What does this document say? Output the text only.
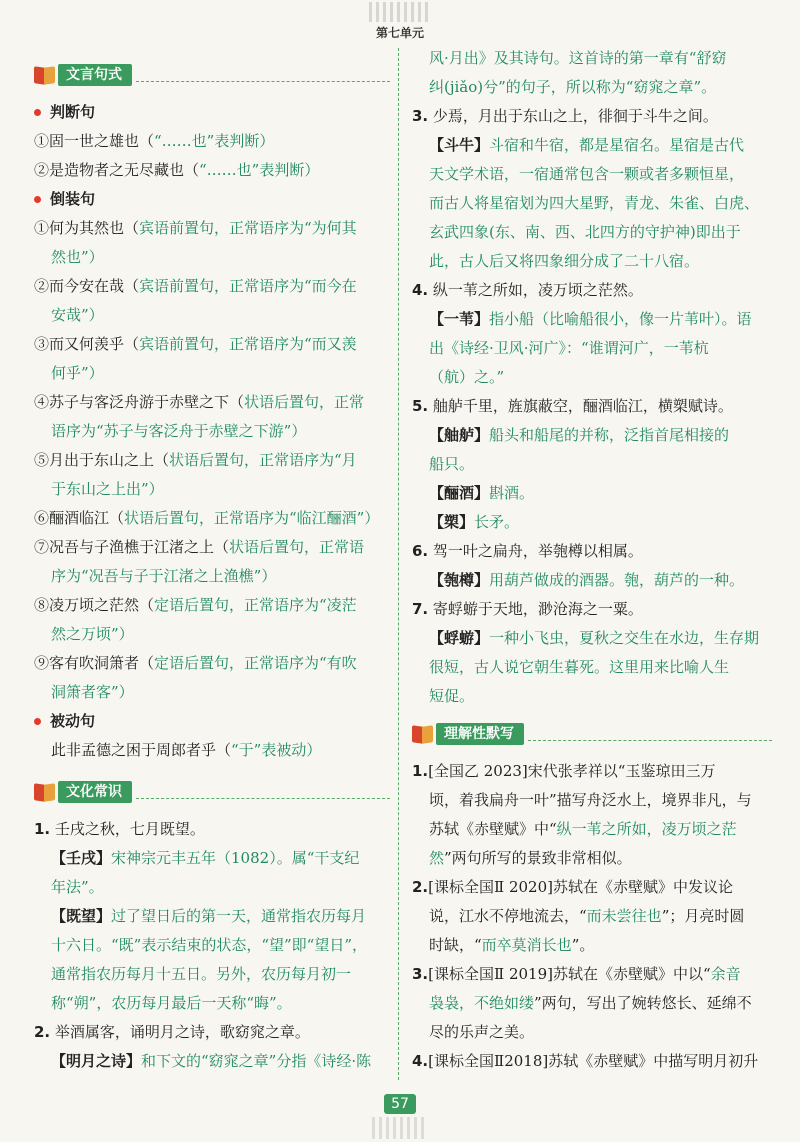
第七单元
文言句式
判断句
①固一世之雄也（“……也”表判断）
②是造物者之无尽藏也（“……也”表判断）
倒装句
①何为其然也（宾语前置句，正常语序为“为何其
然也”）
②而今安在哉（宾语前置句，正常语序为“而今在
安哉”）
③而又何羡乎（宾语前置句，正常语序为“而又羡
何乎”）
④苏子与客泛舟游于赤壁之下（状语后置句，正常
语序为“苏子与客泛舟于赤壁之下游”）
⑤月出于东山之上（状语后置句，正常语序为“月
于东山之上出”）
⑥酾酒临江（状语后置句，正常语序为“临江酾酒”）
⑦况吾与子渔樵于江渚之上（状语后置句，正常语
序为“况吾与子于江渚之上渔樵”）
⑧凌万顷之茫然（定语后置句，正常语序为“凌茫
然之万顷”）
⑨客有吹洞箫者（定语后置句，正常语序为“有吹
洞箫者客”）
被动句
此非孟德之困于周郎者乎（“于”表被动）
文化常识
1. 壬戌之秋，七月既望。
【壬戌】宋神宗元丰五年（1082）。属“干支纪
年法”。
【既望】过了望日后的第一天，通常指农历每月
十六日。“既”表示结束的状态，“望”即“望日”，
通常指农历每月十五日。另外，农历每月初一
称“朔”，农历每月最后一天称“晦”。
2. 举酒属客，诵明月之诗，歌窈窕之章。
【明月之诗】和下文的“窈窕之章”分指《诗经·陈
风·月出》及其诗句。这首诗的第一章有“舒窈
纠(jiǎo)兮”的句子，所以称为“窈窕之章”。
3. 少焉，月出于东山之上，徘徊于斗牛之间。
【斗牛】斗宿和牛宿，都是星宿名。星宿是古代
天文学术语，一宿通常包含一颗或者多颗恒星，
而古人将星宿划为四大星野，青龙、朱雀、白虎、
玄武四象(东、南、西、北四方的守护神)即出于
此，古人后又将四象细分成了二十八宿。
4. 纵一苇之所如，凌万顷之茫然。
【一苇】指小船（比喻船很小，像一片苇叶）。语
出《诗经·卫风·河广》：“谁谓河广，一苇杭
（航）之。”
5. 舳舻千里，旌旗蔽空，酾酒临江，横槊赋诗。
【舳舻】船头和船尾的并称，泛指首尾相接的
船只。
【酾酒】斟酒。
【槊】长矛。
6. 驾一叶之扁舟，举匏樽以相属。
【匏樽】用葫芦做成的酒器。匏，葫芦的一种。
7. 寄蜉蝣于天地，渺沧海之一粟。
【蜉蝣】一种小飞虫，夏秋之交生在水边，生存期
很短，古人说它朝生暮死。这里用来比喻人生
短促。
理解性默写
1.[全国乙 2023]宋代张孝祥以“玉鉴琼田三万
顷，着我扁舟一叶”描写舟泛水上，境界非凡，与
苏轼《赤壁赋》中“纵一苇之所如，凌万顷之茫
然”两句所写的景致非常相似。
2.[课标全国Ⅱ 2020]苏轼在《赤壁赋》中发议论
说，江水不停地流去，“而未尝往也”；月亮时圆
时缺，“而卒莫消长也”。
3.[课标全国Ⅱ 2019]苏轼在《赤壁赋》中以“余音
袅袅，不绝如缕”两句，写出了婉转悠长、延绵不
尽的乐声之美。
4.[课标全国Ⅱ2018]苏轼《赤壁赋》中描写明月初升
57
